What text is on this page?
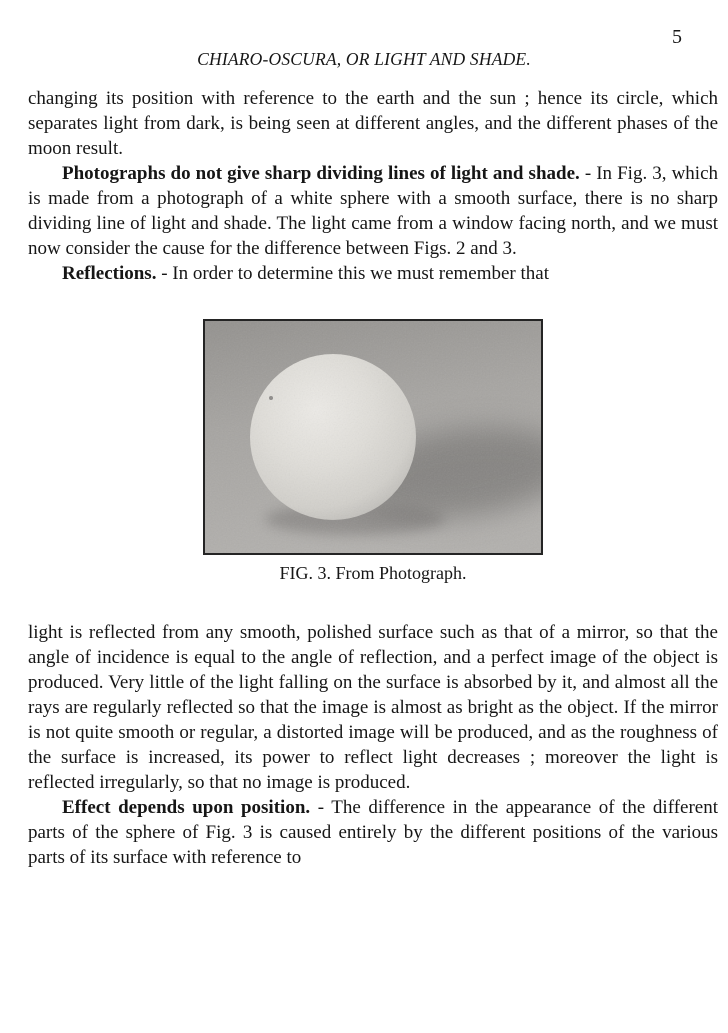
5
CHIARO-OSCURA, OR LIGHT AND SHADE.

changing its position with reference to the earth and the sun ; hence its circle, which separates light from dark, is being seen at different angles, and the different phases of the moon result.

Photographs do not give sharp dividing lines of light and shade. - In Fig. 3, which is made from a photograph of a white sphere with a smooth surface, there is no sharp dividing line of light and shade. The light came from a window facing north, and we must now consider the cause for the difference between Figs. 2 and 3.

Reflections. - In order to determine this we must remember that

FIG. 3. From Photograph.

light is reflected from any smooth, polished surface such as that of a mirror, so that the angle of incidence is equal to the angle of reflection, and a perfect image of the object is produced. Very little of the light falling on the surface is absorbed by it, and almost all the rays are regularly reflected so that the image is almost as bright as the object. If the mirror is not quite smooth or regular, a distorted image will be produced, and as the roughness of the surface is increased, its power to reflect light decreases ; moreover the light is reflected irregularly, so that no image is produced.

Effect depends upon position. - The difference in the appearance of the different parts of the sphere of Fig. 3 is caused entirely by the different positions of the various parts of its surface with reference to
